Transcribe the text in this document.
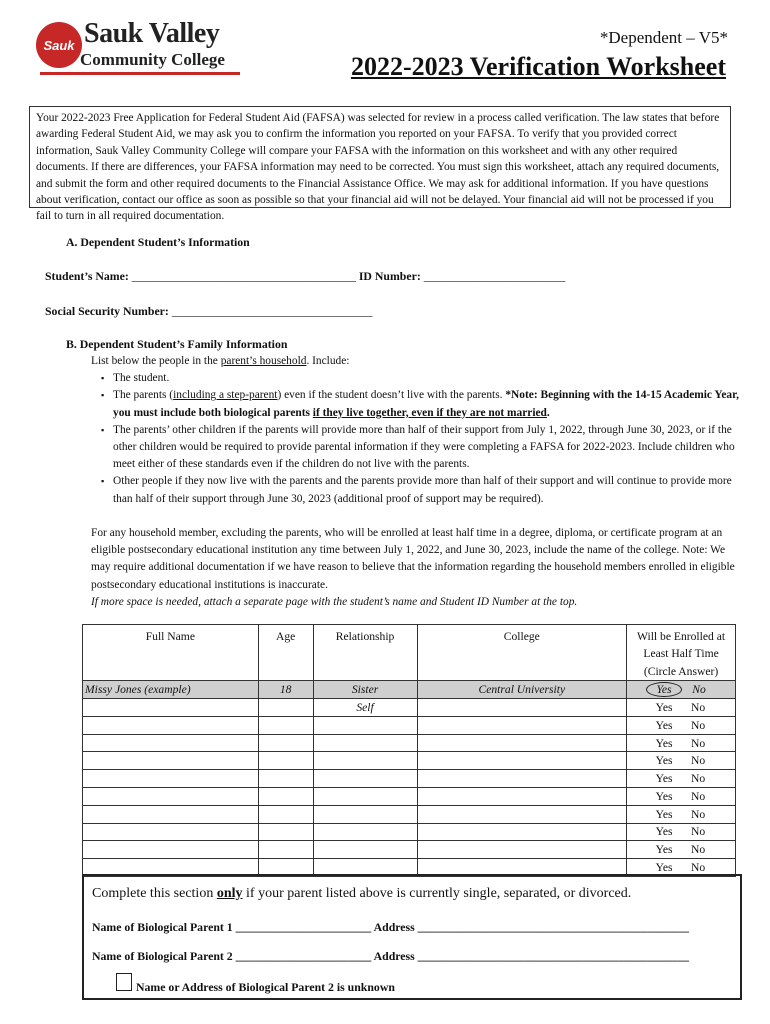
Sauk Sauk Valley
Community College
*Dependent – V5*
2022-2023 Verification Worksheet
Your 2022-2023 Free Application for Federal Student Aid (FAFSA) was selected for review in a process called verification. The law states that before awarding Federal Student Aid, we may ask you to confirm the information you reported on your FAFSA. To verify that you provided correct information, Sauk Valley Community College will compare your FAFSA with the information on this worksheet and with any other required documents. If there are differences, your FAFSA information may need to be corrected. You must sign this worksheet, attach any required documents, and submit the form and other required documents to the Financial Assistance Office. We may ask for additional information. If you have questions about verification, contact our office as soon as possible so that your financial aid will not be delayed. Your financial aid will not be processed if you fail to turn in all required documentation.
A. Dependent Student’s Information
Student’s Name: ______________________________________ ID Number: ________________________
Social Security Number: __________________________________
B. Dependent Student’s Family Information
List below the people in the parent’s household. Include:
▪ The student.
▪ The parents (including a step-parent) even if the student doesn’t live with the parents. *Note: Beginning with the 14-15 Academic Year, you must include both biological parents if they live together, even if they are not married.
▪ The parents’ other children if the parents will provide more than half of their support from July 1, 2022, through June 30, 2023, or if the other children would be required to provide parental information if they were completing a FAFSA for 2022-2023. Include children who meet either of these standards even if the children do not live with the parents.
▪ Other people if they now live with the parents and the parents provide more than half of their support and will continue to provide more than half of their support through June 30, 2023 (additional proof of support may be required).
For any household member, excluding the parents, who will be enrolled at least half time in a degree, diploma, or certificate program at an eligible postsecondary educational institution any time between July 1, 2022, and June 30, 2023, include the name of the college. Note: We may require additional documentation if we have reason to believe that the information regarding the household members enrolled in eligible postsecondary educational institutions is inaccurate.
If more space is needed, attach a separate page with the student’s name and Student ID Number at the top.
Full Name	Age	Relationship	College	Will be Enrolled at
Least Half Time
(Circle Answer)

Missy Jones (example)	18	Sister	Central University	Yes No
		Self		Yes No
				Yes No
				Yes No
				Yes No
				Yes No
				Yes No
				Yes No
				Yes No
				Yes No
				Yes No
Complete this section only if your parent listed above is currently single, separated, or divorced.
Name of Biological Parent 1 _______________________ Address ______________________________________________
Name of Biological Parent 2 _______________________ Address ______________________________________________
Name or Address of Biological Parent 2 is unknown
